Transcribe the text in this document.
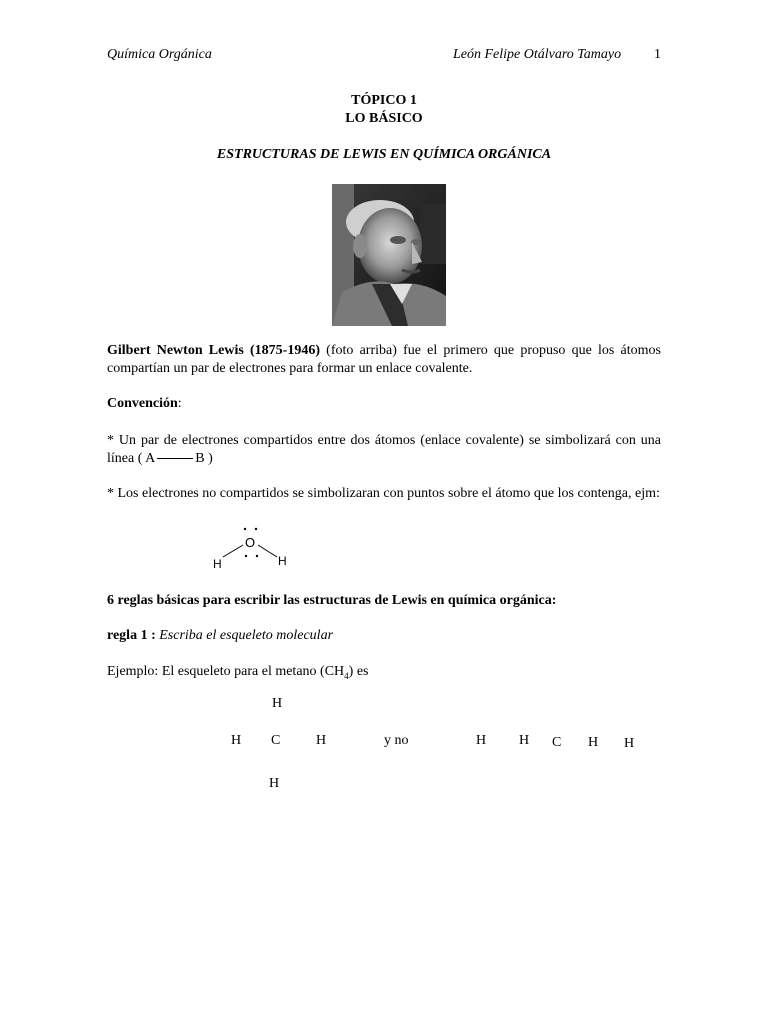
Química Orgánica	León Felipe Otálvaro Tamayo 1
TÓPICO 1
LO BÁSICO
ESTRUCTURAS DE LEWIS EN QUÍMICA ORGÁNICA
Gilbert Newton Lewis (1875-1946) (foto arriba) fue el primero que propuso que los átomos compartían un par de electrones para formar un enlace covalente.
Convención:
* Un par de electrones compartidos entre dos átomos (enlace covalente) se simbolizará con una línea ( A	B )
* Los electrones no compartidos se simbolizaran con puntos sobre el átomo que los contenga, ejm:
O
H	H
6 reglas básicas para escribir las estructuras de Lewis en química orgánica:
regla 1 : Escriba el esqueleto molecular
Ejemplo: El esqueleto para el metano $(CH_4)$ es
H
H C	H
H
y no	H H C H H
